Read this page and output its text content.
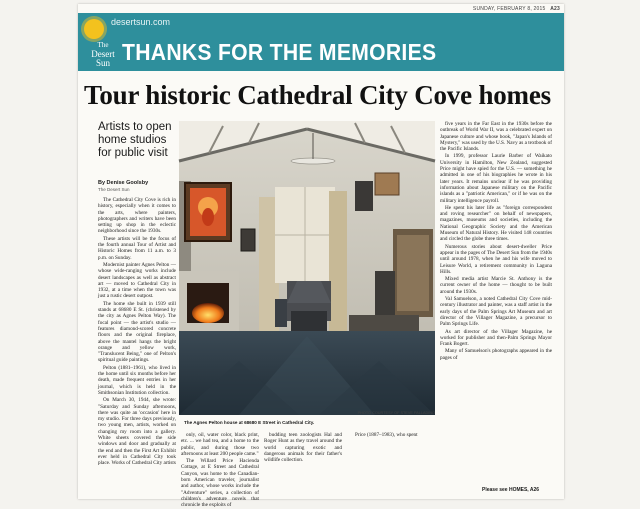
SUNDAY, FEBRUARY 8, 2015 A23
desertsun.com
The
Desert Sun THANKS FOR THE MEMORIES
Tour historic Cathedral City Cove homes
Artists to open home studios for public visit
By Denise Goolsby
The Desert Sun

The Cathedral City Cove is rich in history, especially when it comes to the arts, where painters, photographers and writers have been setting up shop in the eclectic neighborhood since the 1930s.

These artists will be the focus of the fourth annual Tour of Artist and Historic Homes from 11 a.m. to 3 p.m. on Sunday.

Modernist painter Agnes Pelton — whose wide-ranging works include desert landscapes as well as abstract art — moved to Cathedral City in 1932, at a time when the town was just a rustic desert outpost.

The home she built in 1939 still stands at 68680 E St. (christened by the city as Agnes Pelton Way). The focal point — the artist's studio — features diamond-scored concrete floors and the original fireplace, above the mantel hangs the bright orange and yellow work, "Translucent Being," one of Pelton's spiritual guide paintings.

Pelton (1881–1961), who lived in the home until six months before her death, made frequent entries in her journal, which is held in the Smithsonian Institution collection.

On March 30, 1944, she wrote: "Saturday and Sunday afternoons, there was quite an 'occasion' here in my studio. For three days previously, two young men, artists, worked on changing my room into a gallery. White sheets covered the side windows and door and gradually at the end and then the First Art Exhibit ever held in Cathedral City took place. Works of Cathedral City artists

PHOTO COURTESY OF STEVE PALLADINO
The Agnes Pelton house at 68680 E Street in Cathedral City.

only, oil, water color, black print, etc. ... we had tea, and a home to the public, and during those two afternoons at least 200 people came."

The Willard Price Hacienda Cottage, at E Street and Cathedral Canyon, was home to the Canadian-born American traveler, journalist and author, whose works include the "Adventure" series, a collection of children's adventure novels that chronicle the exploits of

budding teen zoologists Hal and Roger Hunt as they travel around the world capturing exotic and dangerous animals for their father's wildlife collection.

Price (1887–1983), who spent

five years in the Far East in the 1930s before the outbreak of World War II, was a celebrated expert on Japanese culture and whose book, "Japan's Islands of Mystery," was used by the U.S. Navy as a textbook of the Pacific Islands.

In 1999, professor Laurie Barber of Waikato University in Hamilton, New Zealand, suggested Price might have spied for the U.S. — something he admitted in one of his biographies he wrote in his later years. It remains unclear if he was providing information about Japanese military on the Pacific islands as a "patriotic American," or if he was on the military intelligence payroll.

He spent his later life as "foreign correspondent and roving researcher" on behalf of newspapers, magazines, museums and societies, including the National Geographic Society and the American Museum of Natural History. He visited 148 countries and circled the globe three times.

Numerous stories about desert-dweller Price appear in the pages of The Desert Sun from the 1940s until around 1978, when he and his wife moved to Leisure World, a retirement community in Laguna Hills.

Mixed media artist Marcie St. Anthony is the current owner of the home — thought to be built around the 1930s.

Val Samuelson, a noted Cathedral City Cove mid-century illustrator and painter, was a staff artist in the early days of the Palm Springs Art Museum and art director of the Villager Magazine, a precursor to Palm Springs Life.

As art director of the Villager Magazine, he worked for publisher and then-Palm Springs Mayor Frank Bogert.

Many of Samuelson's photographs appeared in the pages of

Please see HOMES, A26
